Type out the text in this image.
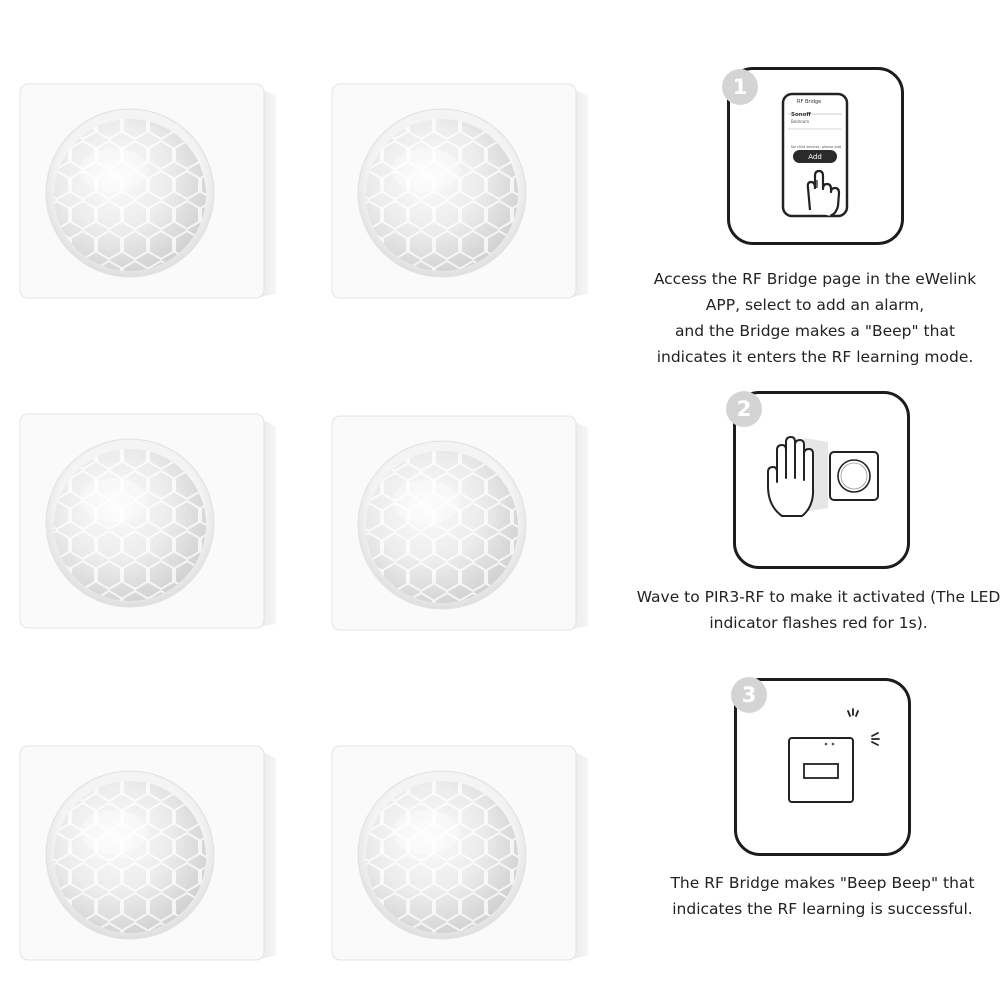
1
RF Bridge
Sonoff
Bedroom
No child devices, please add
Add
Access the RF Bridge page in the eWelink
APP, select to add an alarm,
and the Bridge makes a "Beep" that
indicates it enters the RF learning mode.
2
Wave to PIR3-RF to make it activated (The LED
indicator flashes red for 1s).
3
The RF Bridge makes "Beep Beep" that
indicates the RF learning is successful.
